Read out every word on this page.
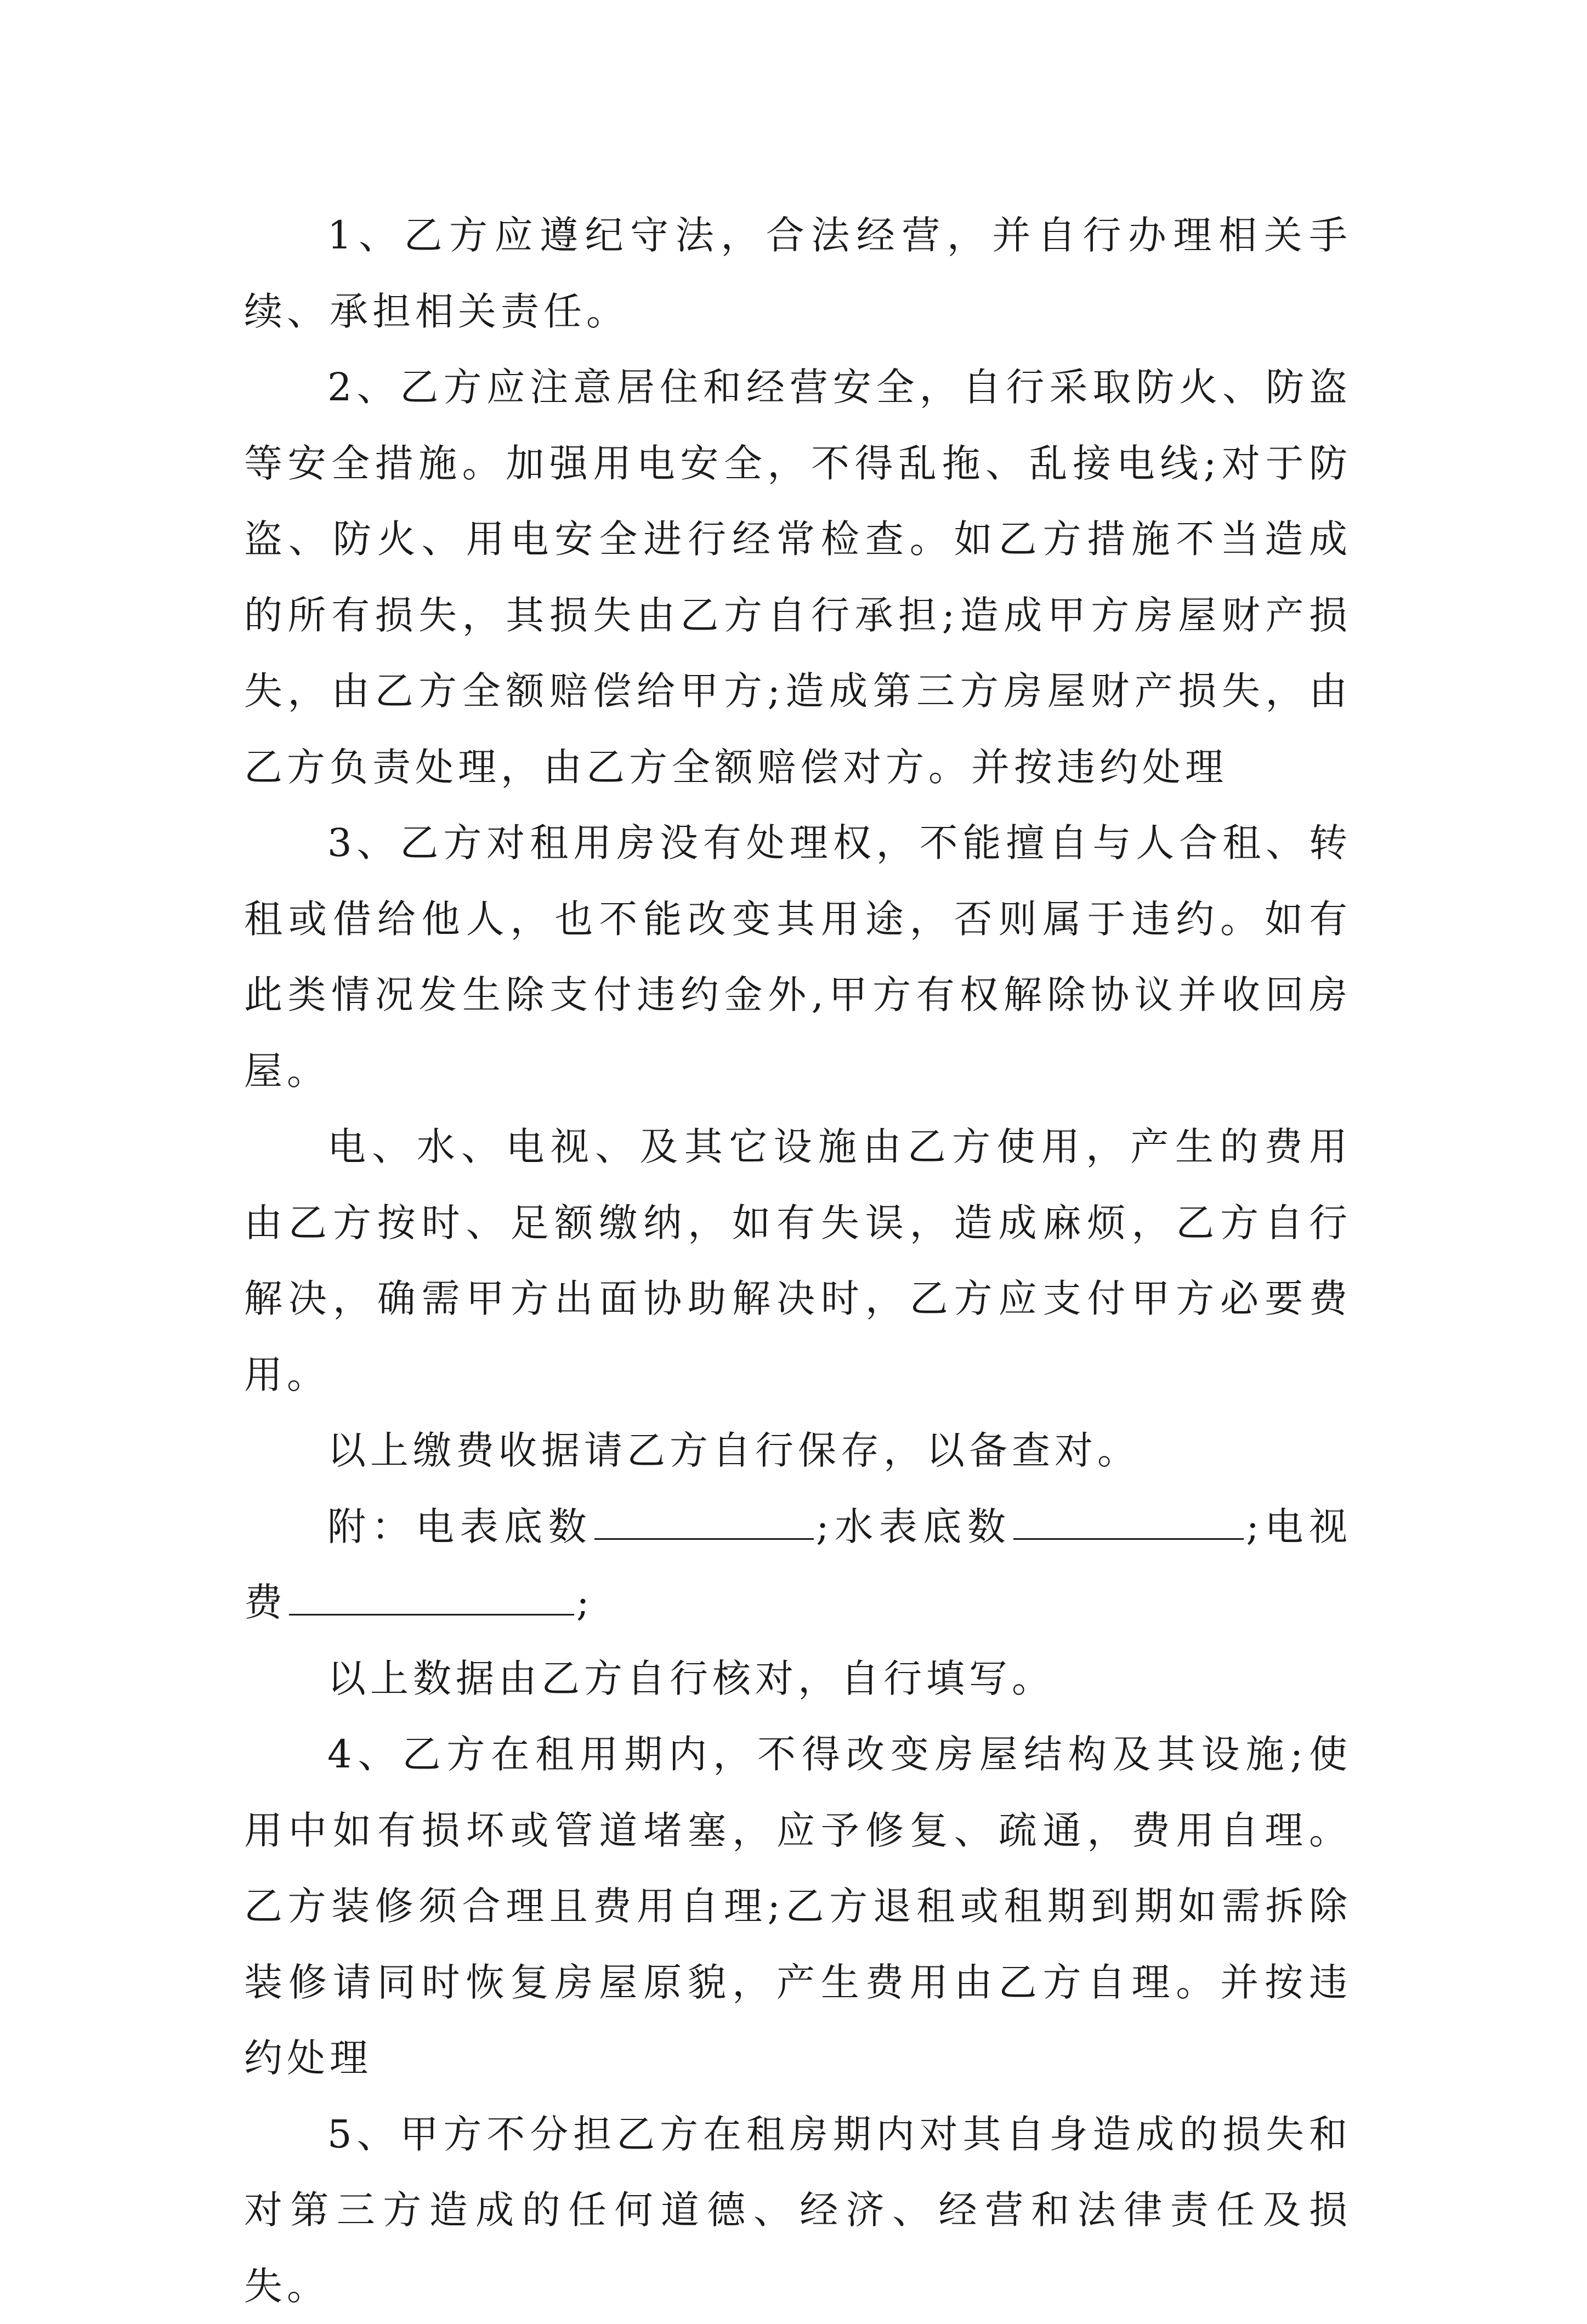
1、乙方应遵纪守法，合法经营，并自行办理相关手续、承担相关责任。

2、乙方应注意居住和经营安全，自行采取防火、防盗等安全措施。加强用电安全，不得乱拖、乱接电线;对于防盗、防火、用电安全进行经常检查。如乙方措施不当造成的所有损失，其损失由乙方自行承担;造成甲方房屋财产损失，由乙方全额赔偿给甲方;造成第三方房屋财产损失，由乙方负责处理，由乙方全额赔偿对方。并按违约处理

3、乙方对租用房没有处理权，不能擅自与人合租、转租或借给他人，也不能改变其用途，否则属于违约。如有此类情况发生除支付违约金外,甲方有权解除协议并收回房屋。

电、水、电视、及其它设施由乙方使用，产生的费用由乙方按时、足额缴纳，如有失误，造成麻烦，乙方自行解决，确需甲方出面协助解决时，乙方应支付甲方必要费用。

以上缴费收据请乙方自行保存，以备查对。

附：电表底数	;水表底数	;电视费	;

以上数据由乙方自行核对，自行填写。

4、乙方在租用期内，不得改变房屋结构及其设施;使用中如有损坏或管道堵塞，应予修复、疏通，费用自理。乙方装修须合理且费用自理;乙方退租或租期到期如需拆除装修请同时恢复房屋原貌，产生费用由乙方自理。并按违约处理

5、甲方不分担乙方在租房期内对其自身造成的损失和对第三方造成的任何道德、经济、经营和法律责任及损失。
